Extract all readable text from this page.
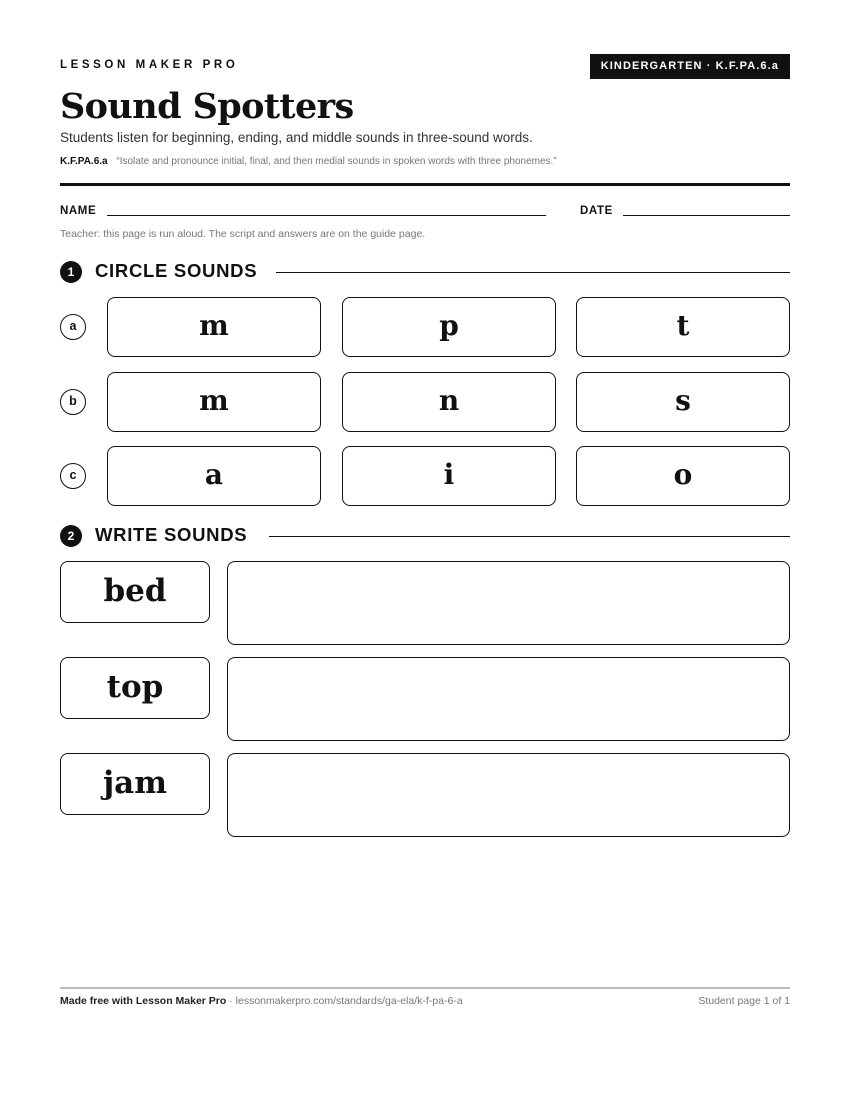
LESSON MAKER PRO	KINDERGARTEN · K.F.PA.6.a
Sound Spotters
Students listen for beginning, ending, and middle sounds in three-sound words.
K.F.PA.6.a “Isolate and pronounce initial, final, and then medial sounds in spoken words with three phonemes.”
NAME	DATE
Teacher: this page is run aloud. The script and answers are on the guide page.
1	CIRCLE SOUNDS
a	m	p	t
b	m	n	s
c	a	i	o
2	WRITE SOUNDS
bed
top
jam
Made free with Lesson Maker Pro · lessonmakerpro.com/standards/ga-ela/k-f-pa-6-a	Student page 1 of 1
